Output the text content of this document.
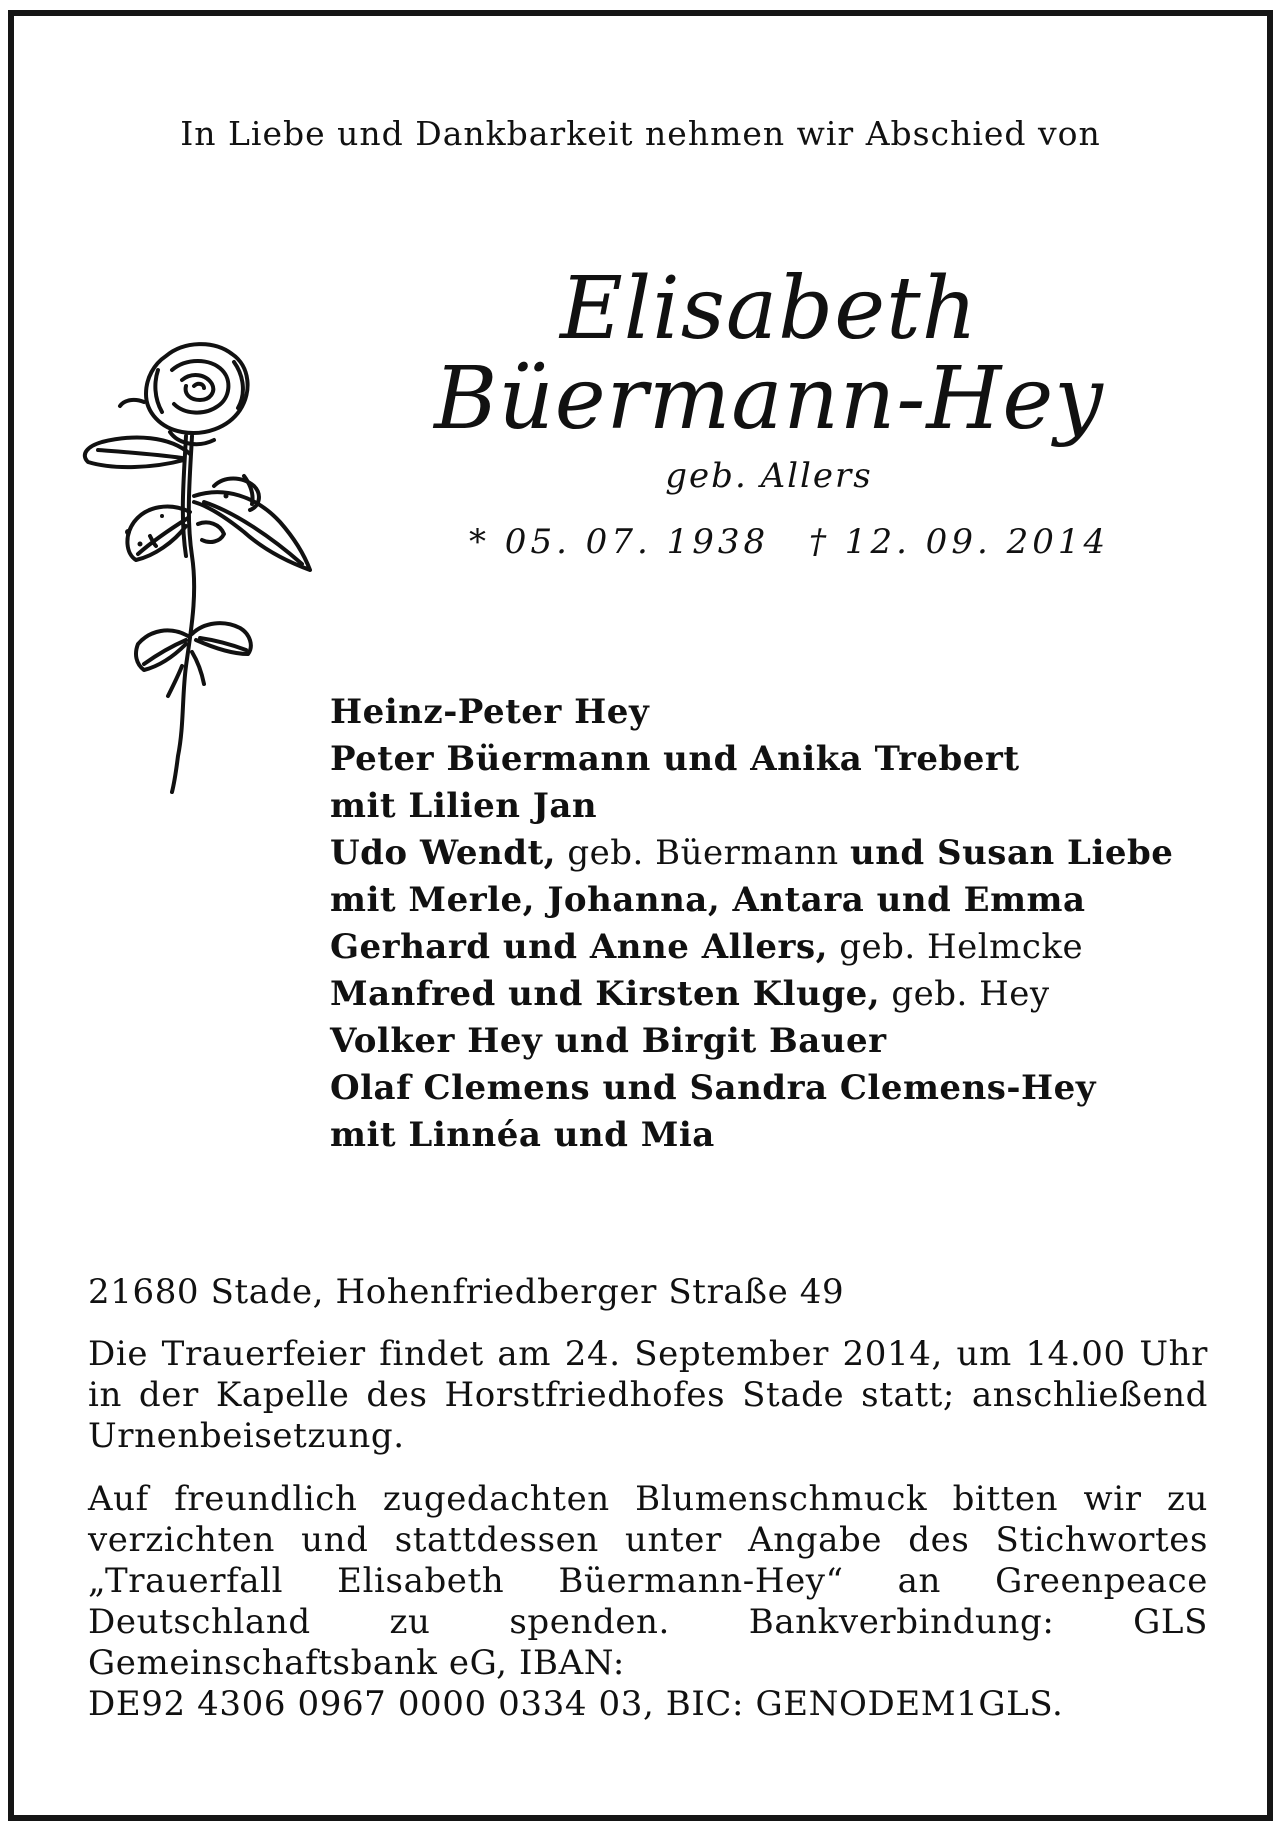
In Liebe und Dankbarkeit nehmen wir Abschied von
Elisabeth
Büermann-Hey
geb. Allers
* 05. 07. 1938 † 12. 09. 2014
Heinz-Peter Hey
Peter Büermann und Anika Trebert
mit Lilien Jan
Udo Wendt, geb. Büermann und Susan Liebe
mit Merle, Johanna, Antara und Emma
Gerhard und Anne Allers, geb. Helmcke
Manfred und Kirsten Kluge, geb. Hey
Volker Hey und Birgit Bauer
Olaf Clemens und Sandra Clemens-Hey
mit Linnéa und Mia
21680 Stade, Hohenfriedberger Straße 49
Die Trauerfeier findet am 24. September 2014, um 14.00 Uhr in der Kapelle des Horstfriedhofes Stade statt; anschließend Urnenbeisetzung.
Auf freundlich zugedachten Blumenschmuck bitten wir zu verzichten und stattdessen unter Angabe des Stichwortes „Trauerfall Elisabeth Büermann-Hey“ an Greenpeace Deutschland zu spenden. Bankverbindung: GLS Gemeinschaftsbank eG, IBAN:
DE92 4306 0967 0000 0334 03, BIC: GENODEM1GLS.
